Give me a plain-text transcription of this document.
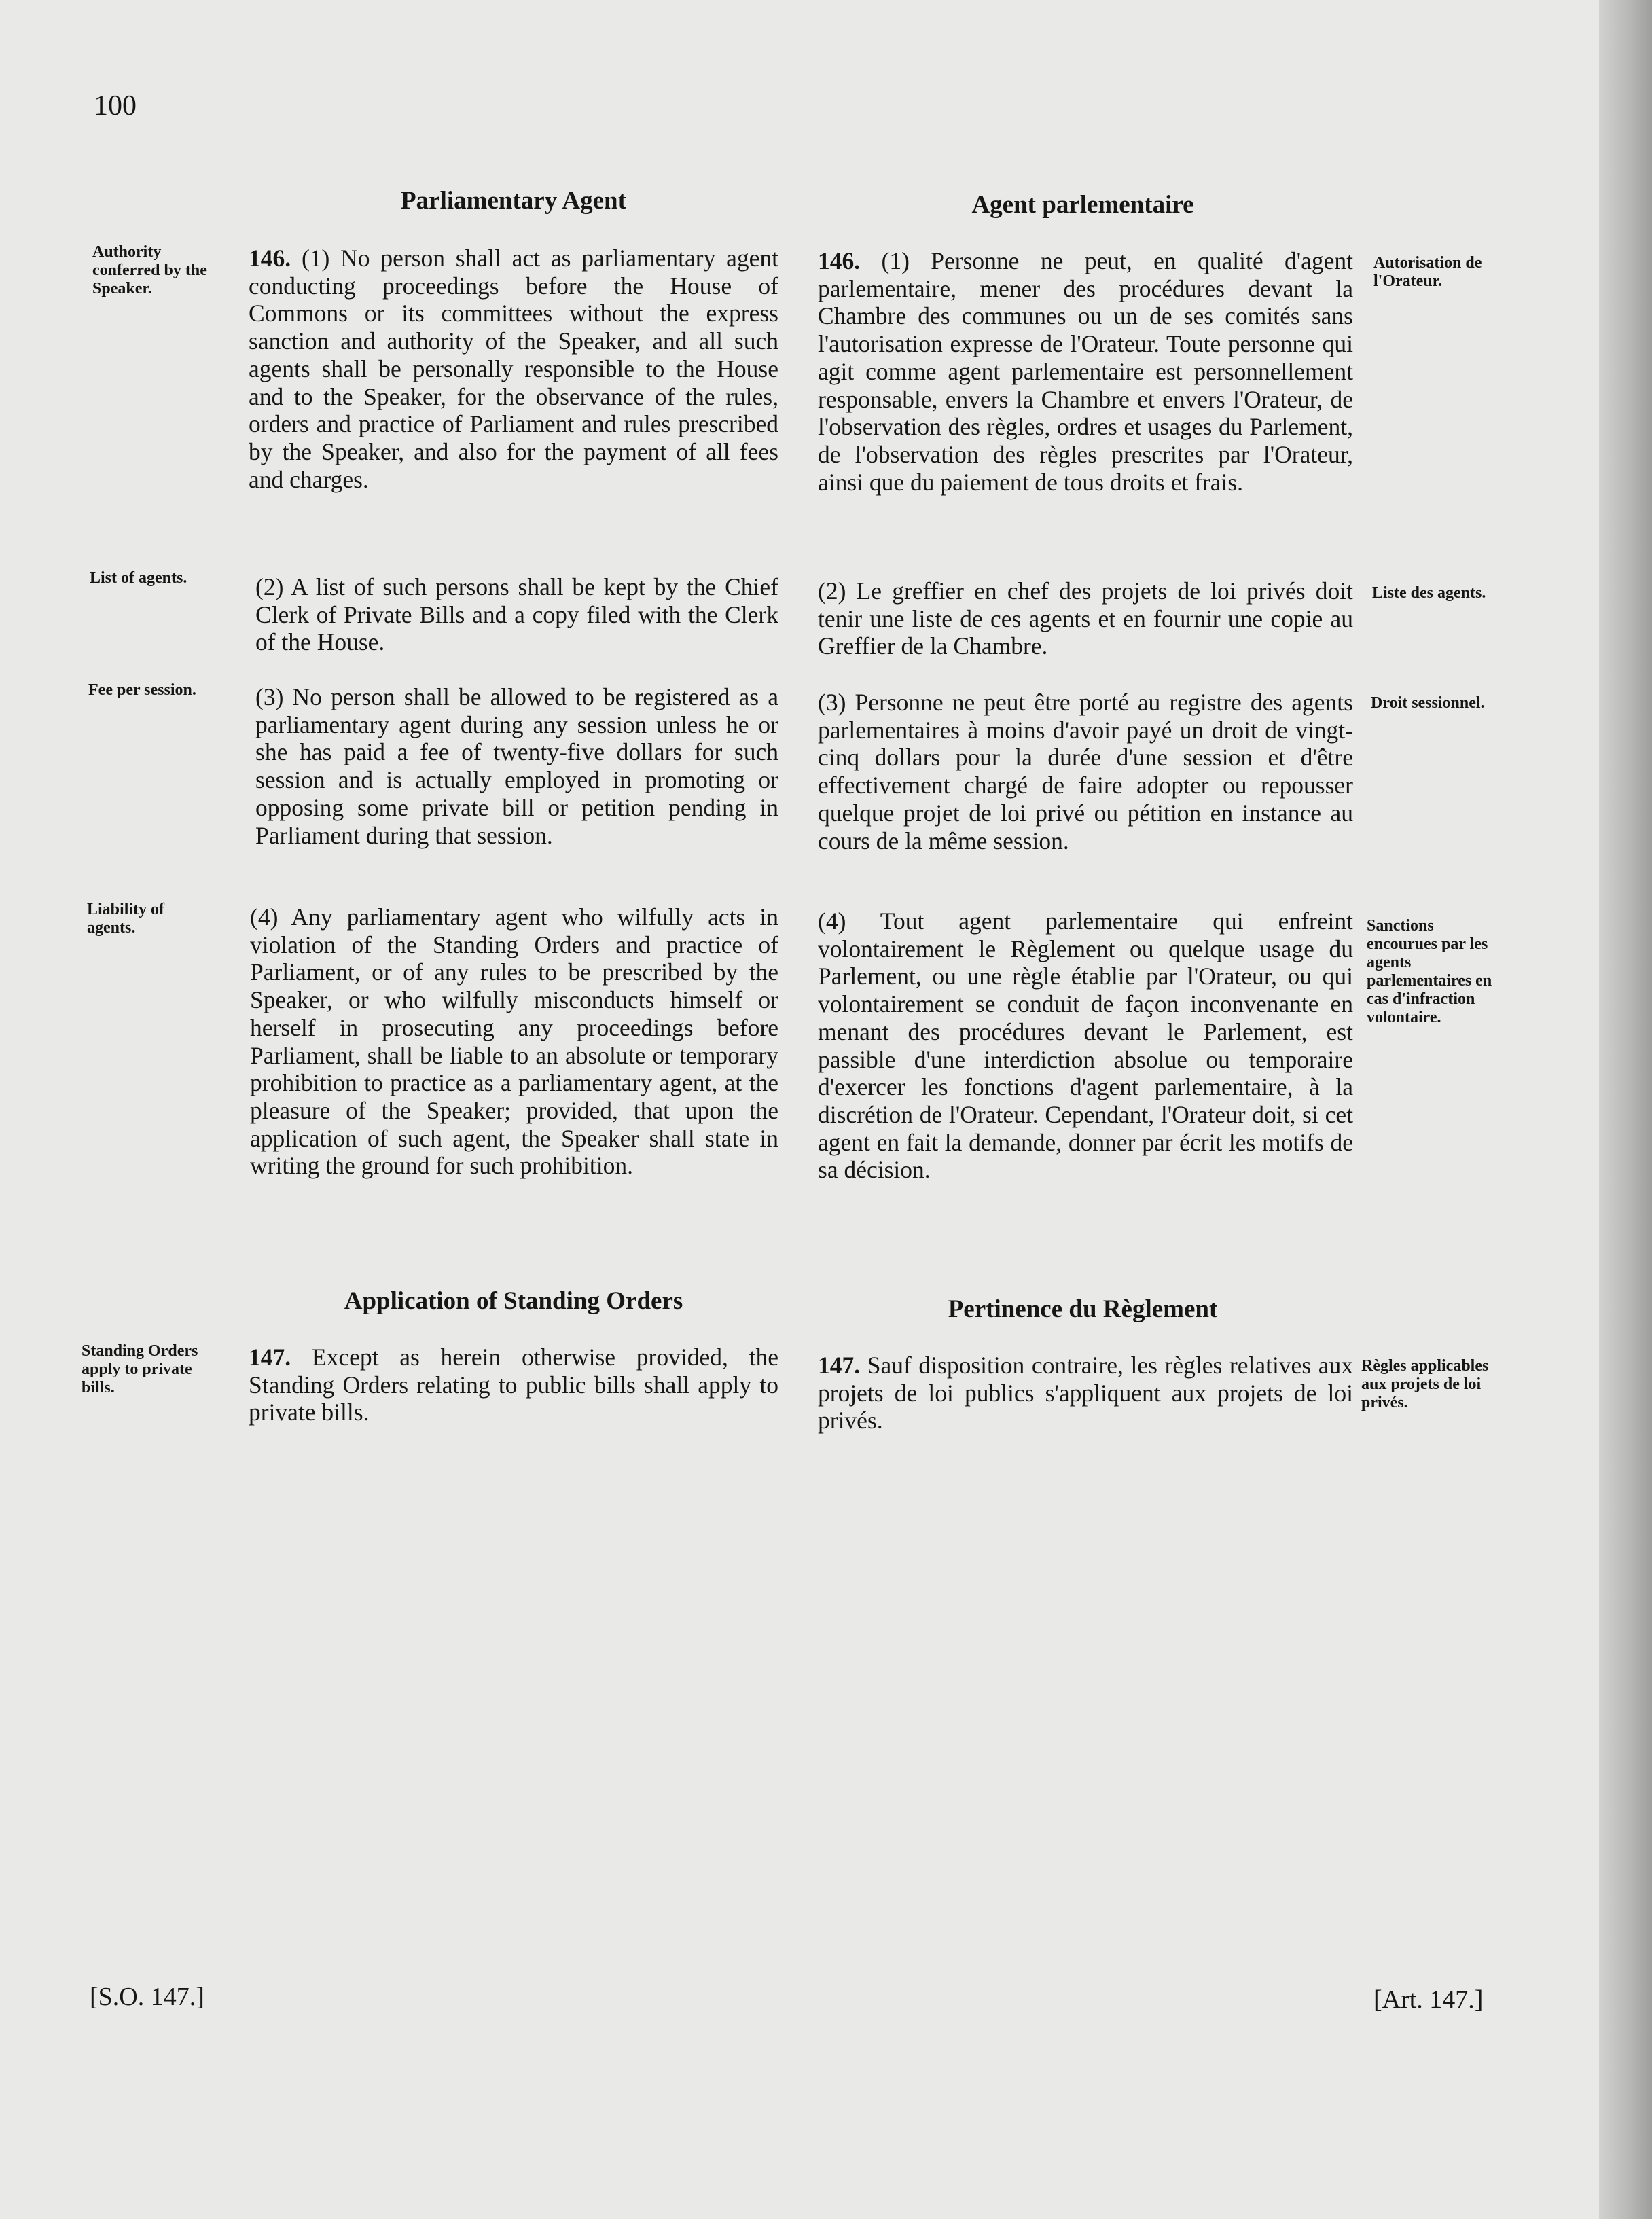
100
Parliamentary Agent

Authority conferred by the Speaker.

146. (1) No person shall act as parliamentary agent conducting proceedings before the House of Commons or its committees without the express sanction and authority of the Speaker, and all such agents shall be personally responsible to the House and to the Speaker, for the observance of the rules, orders and practice of Parliament and rules prescribed by the Speaker, and also for the payment of all fees and charges.

List of agents.	(2) A list of such persons shall be kept by the Chief Clerk of Private Bills and a copy filed with the Clerk of the House.

Fee per session.	(3) No person shall be allowed to be registered as a parliamentary agent during any session unless he or she has paid a fee of twenty-five dollars for such session and is actually employed in promoting or opposing some private bill or petition pending in Parliament during that session.

Liability of agents.	(4) Any parliamentary agent who wilfully acts in violation of the Standing Orders and practice of Parliament, or of any rules to be prescribed by the Speaker, or who wilfully misconducts himself or herself in prosecuting any proceedings before Parliament, shall be liable to an absolute or temporary prohibition to practice as a parliamentary agent, at the pleasure of the Speaker; provided, that upon the application of such agent, the Speaker shall state in writing the ground for such prohibition.

Application of Standing Orders

Standing Orders apply to private bills.

147. Except as herein otherwise provided, the Standing Orders relating to public bills shall apply to private bills.

Agent parlementaire

146. (1) Personne ne peut, en qualité d'agent parlementaire, mener des procédures devant la Chambre des communes ou un de ses comités sans l'autorisation expresse de l'Orateur. Toute personne qui agit comme agent parlementaire est personnellement responsable, envers la Chambre et envers l'Orateur, de l'observation des règles, ordres et usages du Parlement, de l'observation des règles prescrites par l'Orateur, ainsi que du paiement de tous droits et frais.

Autorisation de l'Orateur.

(2) Le greffier en chef des projets de loi privés doit tenir une liste de ces agents et en fournir une copie au Greffier de la Chambre.

Liste des agents.

(3) Personne ne peut être porté au registre des agents parlementaires à moins d'avoir payé un droit de vingt-cinq dollars pour la durée d'une session et d'être effectivement chargé de faire adopter ou repousser quelque projet de loi privé ou pétition en instance au cours de la même session.

Droit sessionnel.

(4) Tout agent parlementaire qui enfreint volontairement le Règlement ou quelque usage du Parlement, ou une règle établie par l'Orateur, ou qui volontairement se conduit de façon inconvenante en menant des procédures devant le Parlement, est passible d'une interdiction absolue ou temporaire d'exercer les fonctions d'agent parlementaire, à la discrétion de l'Orateur. Cependant, l'Orateur doit, si cet agent en fait la demande, donner par écrit les motifs de sa décision.

Sanctions encourues par les agents parlementaires en cas d'infraction volontaire.

Pertinence du Règlement

147. Sauf disposition contraire, les règles relatives aux projets de loi publics s'appliquent aux projets de loi privés.

Règles applicables aux projets de loi privés.

[S.O. 147.]	[Art. 147.]
